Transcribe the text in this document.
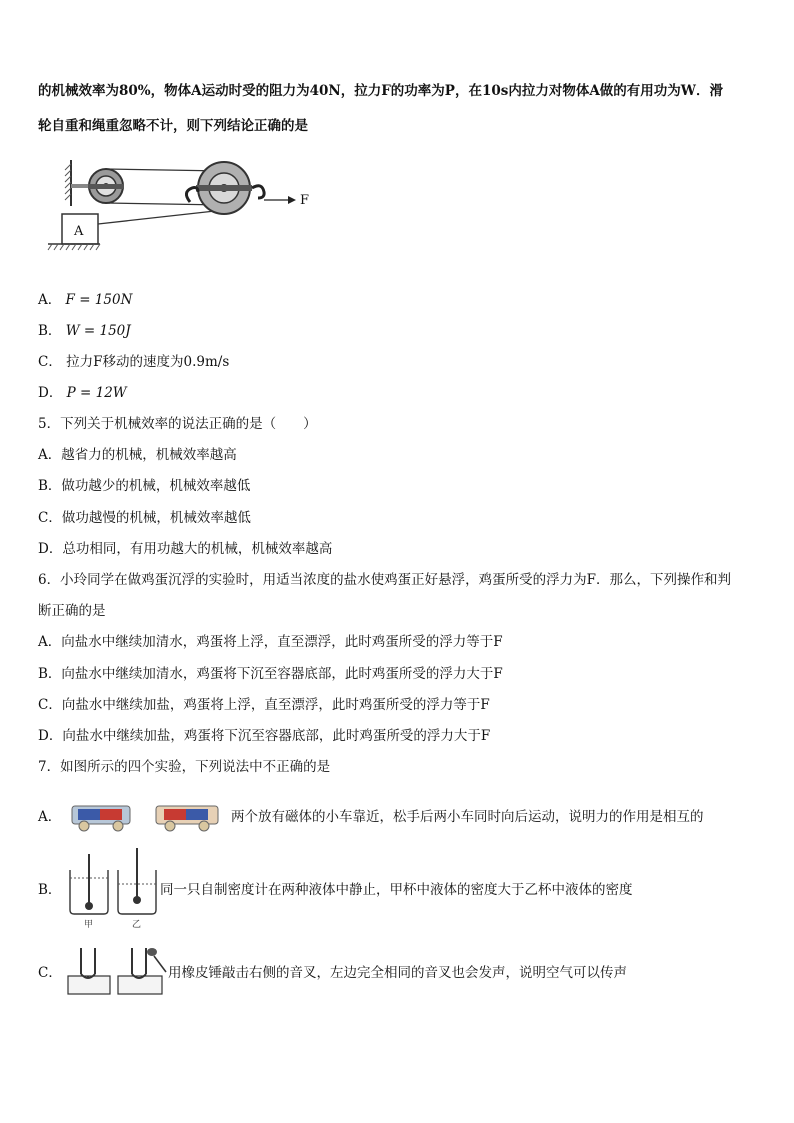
的机械效率为80%，物体A运动时受的阻力为40N，拉力F的功率为P，在10s内拉力对物体A做的有用功为W．滑
轮自重和绳重忽略不计，则下列结论正确的是
F
A
A． F = 150N
B． W = 150J
C． 拉力F移动的速度为0.9m/s
D． P = 12W
5．下列关于机械效率的说法正确的是（　　）
A．越省力的机械，机械效率越高
B．做功越少的机械，机械效率越低
C．做功越慢的机械，机械效率越低
D．总功相同，有用功越大的机械，机械效率越高
6．小玲同学在做鸡蛋沉浮的实验时，用适当浓度的盐水使鸡蛋正好悬浮，鸡蛋所受的浮力为F．那么，下列操作和判
断正确的是
A．向盐水中继续加清水，鸡蛋将上浮，直至漂浮，此时鸡蛋所受的浮力等于F
B．向盐水中继续加清水，鸡蛋将下沉至容器底部，此时鸡蛋所受的浮力大于F
C．向盐水中继续加盐，鸡蛋将上浮，直至漂浮，此时鸡蛋所受的浮力等于F
D．向盐水中继续加盐，鸡蛋将下沉至容器底部，此时鸡蛋所受的浮力大于F
7．如图所示的四个实验，下列说法中不正确的是
A．	两个放有磁体的小车靠近，松手后两小车同时向后运动，说明力的作用是相互的
B．
甲	乙
同一只自制密度计在两种液体中静止，甲杯中液体的密度大于乙杯中液体的密度
C．	用橡皮锤敲击右侧的音叉，左边完全相同的音叉也会发声，说明空气可以传声
